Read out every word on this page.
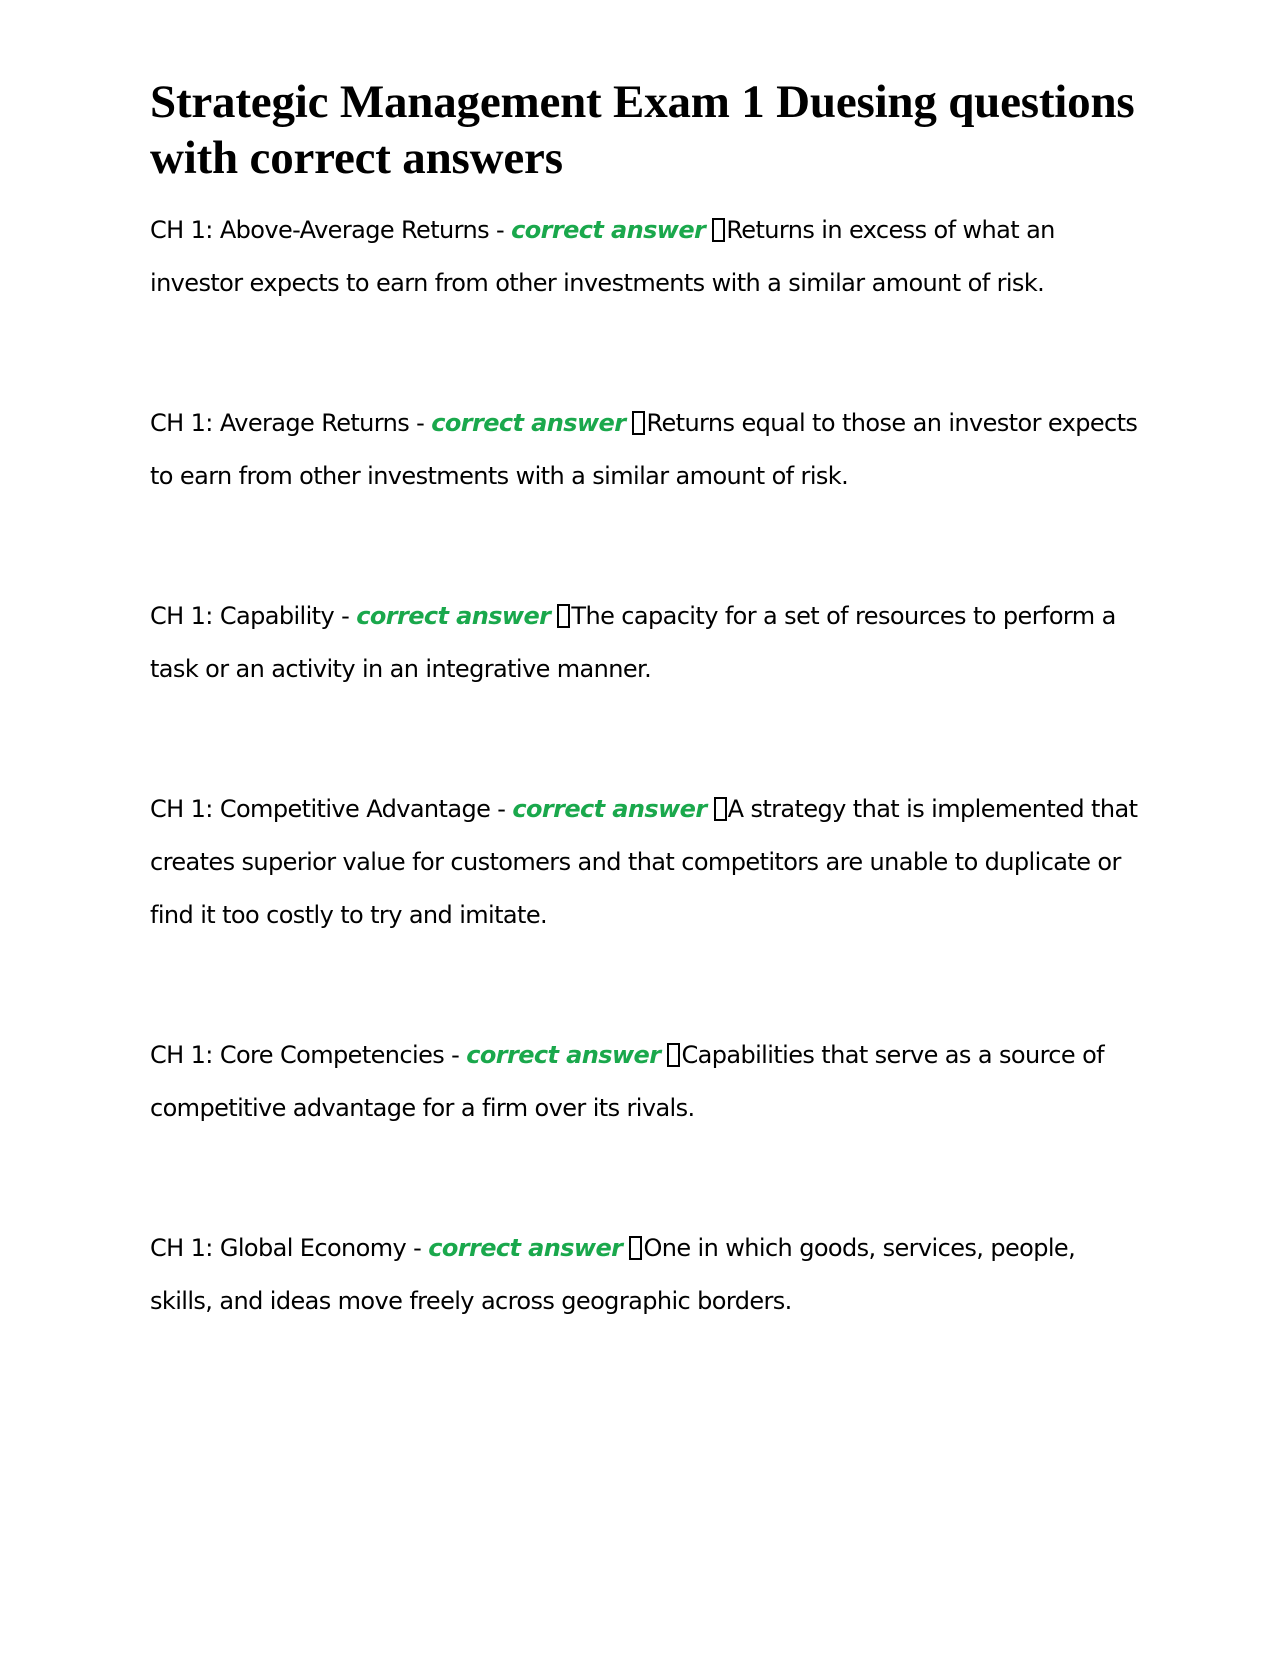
Strategic Management Exam 1 Duesing questions with correct answers

CH 1: Above-Average Returns - correct answer Returns in excess of what an investor expects to earn from other investments with a similar amount of risk.

CH 1: Average Returns - correct answer Returns equal to those an investor expects to earn from other investments with a similar amount of risk.

CH 1: Capability - correct answer The capacity for a set of resources to perform a task or an activity in an integrative manner.

CH 1: Competitive Advantage - correct answer A strategy that is implemented that creates superior value for customers and that competitors are unable to duplicate or find it too costly to try and imitate.

CH 1: Core Competencies - correct answer Capabilities that serve as a source of competitive advantage for a firm over its rivals.

CH 1: Global Economy - correct answer One in which goods, services, people, skills, and ideas move freely across geographic borders.
